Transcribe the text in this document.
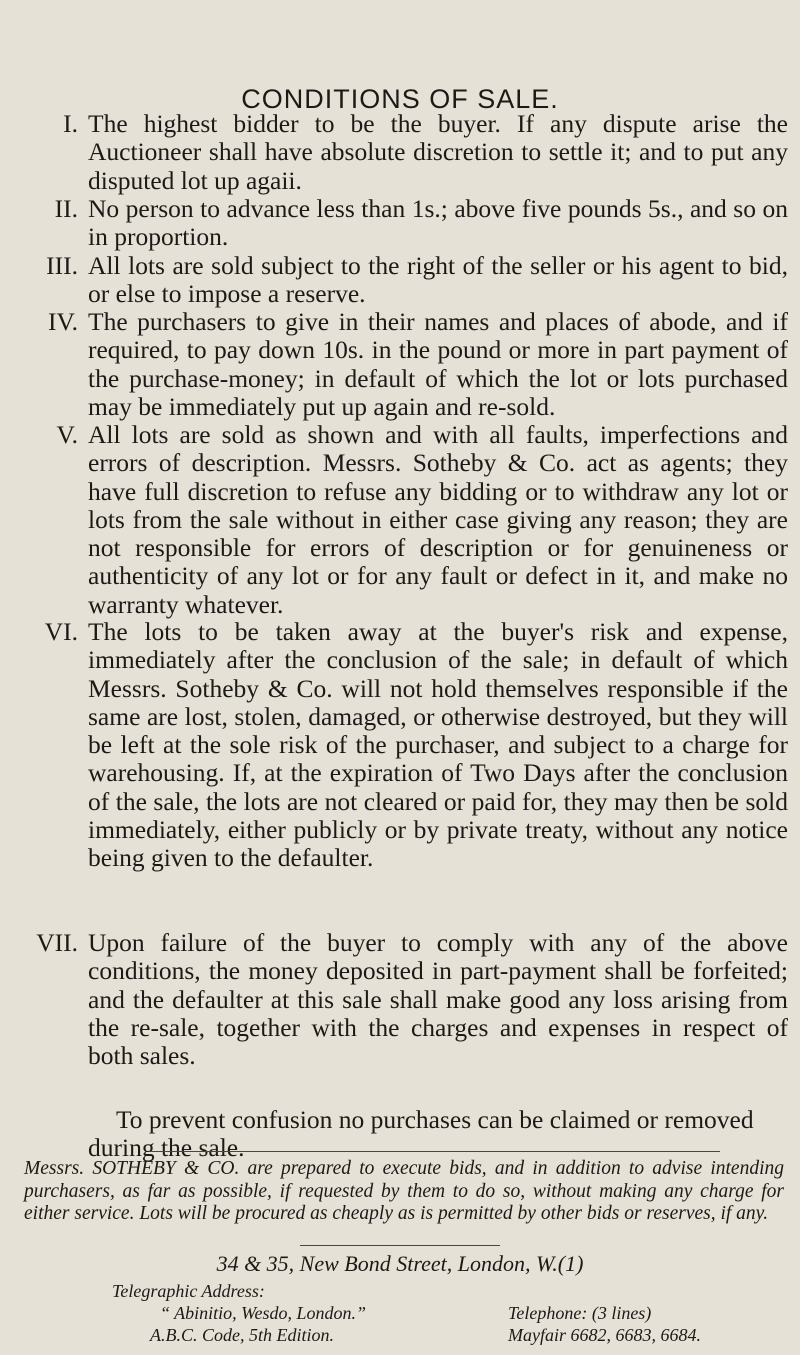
CONDITIONS OF SALE.
I. The highest bidder to be the buyer. If any dispute arise the Auctioneer shall have absolute discretion to settle it; and to put any disputed lot up agaii.
II. No person to advance less than 1s.; above five pounds 5s., and so on in proportion.
III. All lots are sold subject to the right of the seller or his agent to bid, or else to impose a reserve.
IV. The purchasers to give in their names and places of abode, and if required, to pay down 10s. in the pound or more in part payment of the purchase-money; in default of which the lot or lots purchased may be immediately put up again and re-sold.
V. All lots are sold as shown and with all faults, imperfections and errors of description. Messrs. Sotheby & Co. act as agents; they have full discretion to refuse any bidding or to withdraw any lot or lots from the sale without in either case giving any reason; they are not responsible for errors of description or for genuineness or authenticity of any lot or for any fault or defect in it, and make no warranty whatever.
VI. The lots to be taken away at the buyer's risk and expense, immediately after the conclusion of the sale; in default of which Messrs. Sotheby & Co. will not hold themselves responsible if the same are lost, stolen, damaged, or otherwise destroyed, but they will be left at the sole risk of the purchaser, and subject to a charge for warehousing. If, at the expiration of Two Days after the conclusion of the sale, the lots are not cleared or paid for, they may then be sold immediately, either publicly or by private treaty, without any notice being given to the defaulter.
VII. Upon failure of the buyer to comply with any of the above conditions, the money deposited in part-payment shall be forfeited; and the defaulter at this sale shall make good any loss arising from the re-sale, together with the charges and expenses in respect of both sales.
To prevent confusion no purchases can be claimed or removed during the sale.
Messrs. SOTHEBY & CO. are prepared to execute bids, and in addition to advise intending purchasers, as far as possible, if requested by them to do so, without making any charge for either service. Lots will be procured as cheaply as is permitted by other bids or reserves, if any.
34 & 35, New Bond Street, London, W.(1)
Telegraphic Address:
“ Abinitio, Wesdo, London.”	Telephone: (3 lines)
A.B.C. Code, 5th Edition.	Mayfair 6682, 6683, 6684.
